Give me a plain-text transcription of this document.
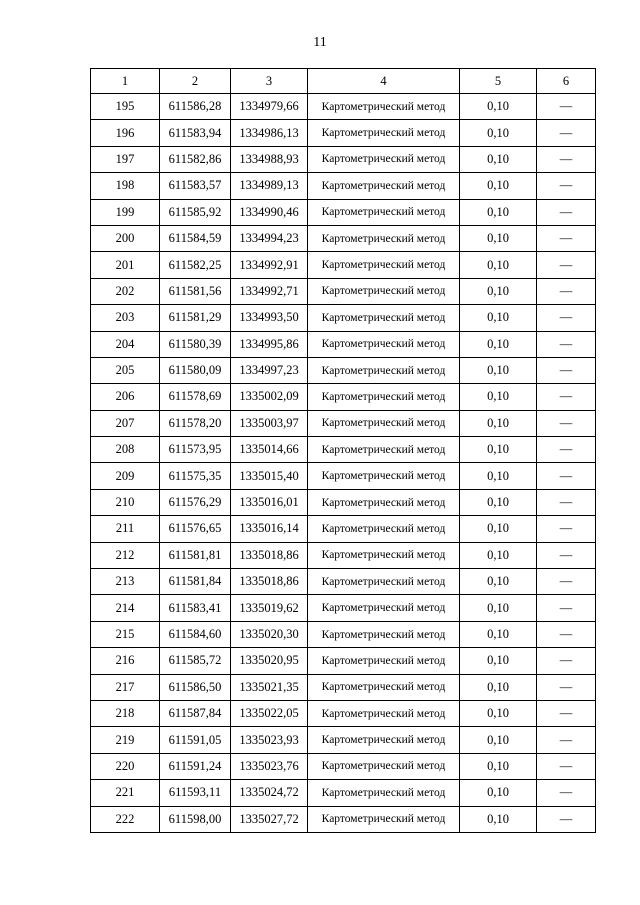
11
1	2	3	4	5	6
195	611586,28	1334979,66	Картометрический метод	0,10	—
196	611583,94	1334986,13	Картометрический метод	0,10	—
197	611582,86	1334988,93	Картометрический метод	0,10	—
198	611583,57	1334989,13	Картометрический метод	0,10	—
199	611585,92	1334990,46	Картометрический метод	0,10	—
200	611584,59	1334994,23	Картометрический метод	0,10	—
201	611582,25	1334992,91	Картометрический метод	0,10	—
202	611581,56	1334992,71	Картометрический метод	0,10	—
203	611581,29	1334993,50	Картометрический метод	0,10	—
204	611580,39	1334995,86	Картометрический метод	0,10	—
205	611580,09	1334997,23	Картометрический метод	0,10	—
206	611578,69	1335002,09	Картометрический метод	0,10	—
207	611578,20	1335003,97	Картометрический метод	0,10	—
208	611573,95	1335014,66	Картометрический метод	0,10	—
209	611575,35	1335015,40	Картометрический метод	0,10	—
210	611576,29	1335016,01	Картометрический метод	0,10	—
211	611576,65	1335016,14	Картометрический метод	0,10	—
212	611581,81	1335018,86	Картометрический метод	0,10	—
213	611581,84	1335018,86	Картометрический метод	0,10	—
214	611583,41	1335019,62	Картометрический метод	0,10	—
215	611584,60	1335020,30	Картометрический метод	0,10	—
216	611585,72	1335020,95	Картометрический метод	0,10	—
217	611586,50	1335021,35	Картометрический метод	0,10	—
218	611587,84	1335022,05	Картометрический метод	0,10	—
219	611591,05	1335023,93	Картометрический метод	0,10	—
220	611591,24	1335023,76	Картометрический метод	0,10	—
221	611593,11	1335024,72	Картометрический метод	0,10	—
222	611598,00	1335027,72	Картометрический метод	0,10	—
